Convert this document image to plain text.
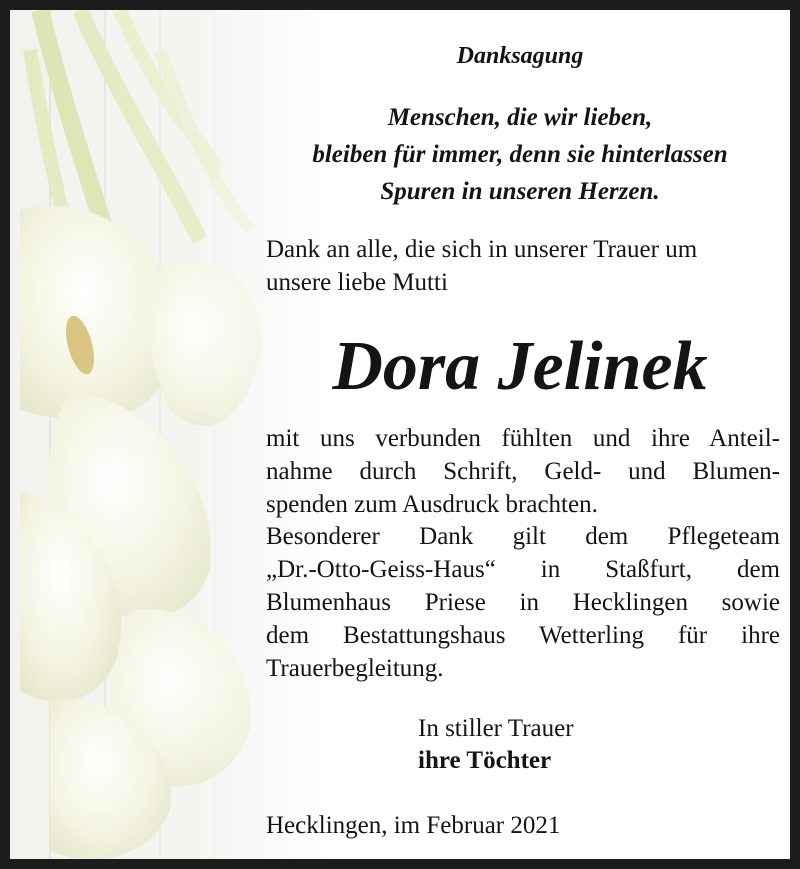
Danksagung
Menschen, die wir lieben,
bleiben für immer, denn sie hinterlassen
Spuren in unseren Herzen.
Dank an alle, die sich in unserer Trauer um
unsere liebe Mutti
Dora Jelinek
mit uns verbunden fühlten und ihre Anteil-
nahme durch Schrift, Geld- und Blumen-
spenden zum Ausdruck brachten.
Besonderer Dank gilt dem Pflegeteam
„Dr.-Otto-Geiss-Haus“ in Staßfurt, dem
Blumenhaus Priese in Hecklingen sowie
dem Bestattungshaus Wetterling für ihre
Trauerbegleitung.
In stiller Trauer
ihre Töchter
Hecklingen, im Februar 2021
